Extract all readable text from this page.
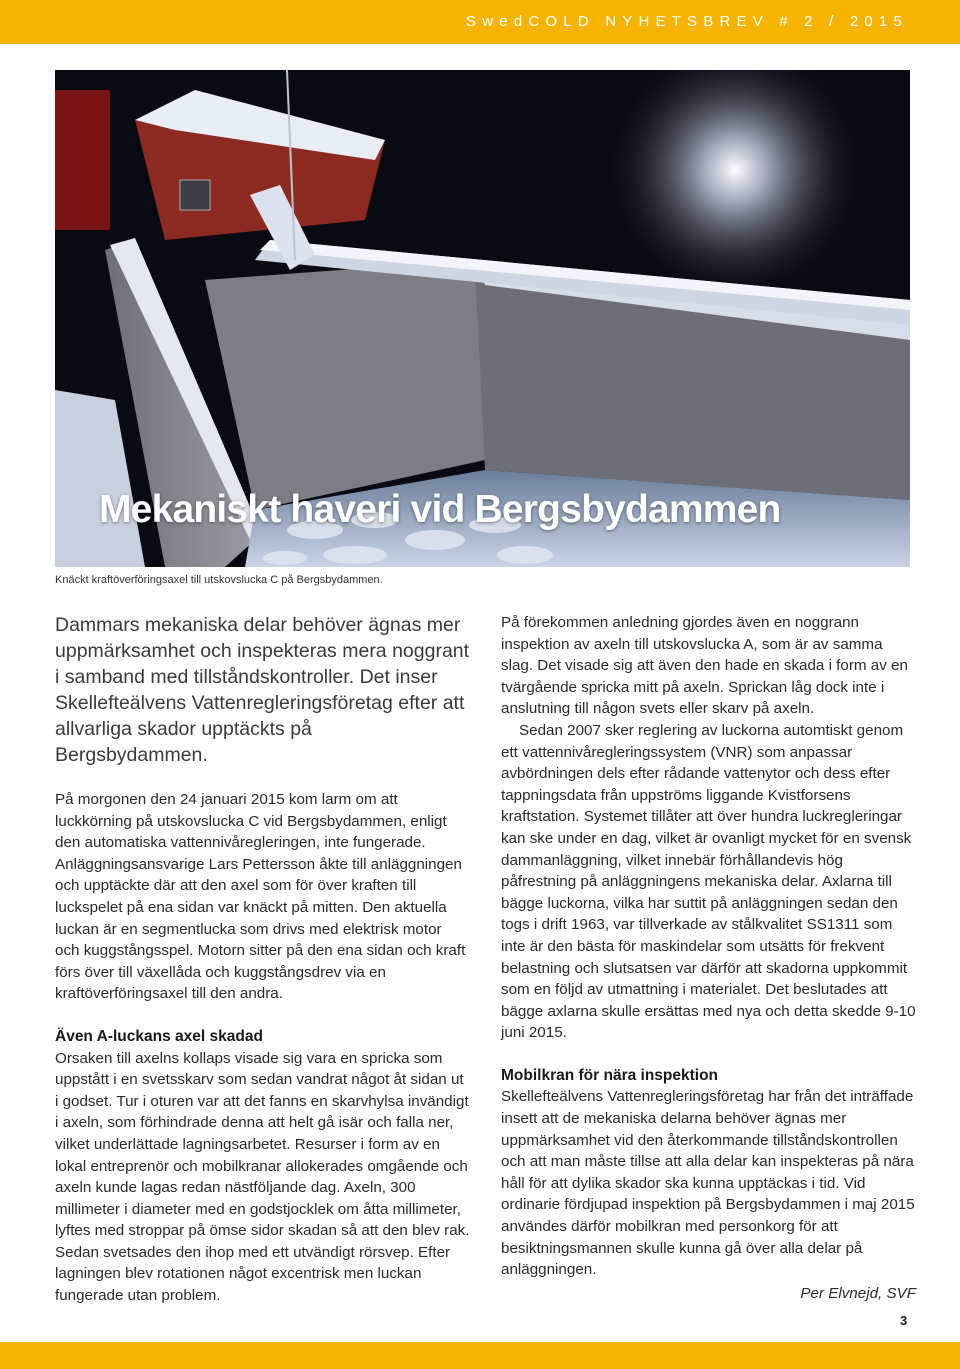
SwedCOLD NYHETSBREV # 2 / 2015
Mekaniskt haveri vid Bergsbydammen
Knäckt kraftöverföringsaxel till utskovslucka C på Bergsbydammen.

Dammars mekaniska delar behöver ägnas mer uppmärksamhet och inspekteras mera noggrant i samband med tillståndskontroller. Det inser Skellefteälvens Vattenregleringsföretag efter att allvarliga skador upptäckts på Bergsbydammen.

På morgonen den 24 januari 2015 kom larm om att luckkörning på utskovslucka C vid Bergsbydammen, enligt den automatiska vattennivåregleringen, inte fungerade. Anläggningsansvarige Lars Pettersson åkte till anläggningen och upptäckte där att den axel som för över kraften till luckspelet på ena sidan var knäckt på mitten. Den aktuella luckan är en segmentlucka som drivs med elektrisk motor och kuggstångsspel. Motorn sitter på den ena sidan och kraft förs över till växellåda och kuggstångsdrev via en kraftöverföringsaxel till den andra.

Även A-luckans axel skadad

Orsaken till axelns kollaps visade sig vara en spricka som uppstått i en svetsskarv som sedan vandrat något åt sidan ut i godset. Tur i oturen var att det fanns en skarvhylsa invändigt i axeln, som förhindrade denna att helt gå isär och falla ner, vilket underlättade lagningsarbetet. Resurser i form av en lokal entreprenör och mobilkranar allokerades omgående och axeln kunde lagas redan nästföljande dag. Axeln, 300 millimeter i diameter med en godstjocklek om åtta millimeter, lyftes med stroppar på ömse sidor skadan så att den blev rak. Sedan svetsades den ihop med ett utvändigt rörsvep. Efter lagningen blev rotationen något excentrisk men luckan fungerade utan problem.

På förekommen anledning gjordes även en noggrann inspektion av axeln till utskovslucka A, som är av samma slag. Det visade sig att även den hade en skada i form av en tvärgående spricka mitt på axeln. Sprickan låg dock inte i anslutning till någon svets eller skarv på axeln.

Sedan 2007 sker reglering av luckorna automtiskt genom ett vattennivåregleringssystem (VNR) som anpassar avbördningen dels efter rådande vattenytor och dess efter tappningsdata från uppströms liggande Kvistforsens kraftstation. Systemet tillåter att över hundra luckregleringar kan ske under en dag, vilket är ovanligt mycket för en svensk dammanläggning, vilket innebär förhållandevis hög påfrestning på anläggningens mekaniska delar. Axlarna till bägge luckorna, vilka har suttit på anläggningen sedan den togs i drift 1963, var tillverkade av stålkvalitet SS1311 som inte är den bästa för maskindelar som utsätts för frekvent belastning och slutsatsen var därför att skadorna uppkommit som en följd av utmattning i materialet. Det beslutades att bägge axlarna skulle ersättas med nya och detta skedde 9-10 juni 2015.

Mobilkran för nära inspektion

Skellefteälvens Vattenregleringsföretag har från det inträffade insett att de mekaniska delarna behöver ägnas mer uppmärksamhet vid den återkommande tillståndskontrollen och att man måste tillse att alla delar kan inspekteras på nära håll för att dylika skador ska kunna upptäckas i tid. Vid ordinarie fördjupad inspektion på Bergsbydammen i maj 2015 användes därför mobilkran med personkorg för att besiktningsmannen skulle kunna gå över alla delar på anläggningen.

Per Elvnejd, SVF
3
